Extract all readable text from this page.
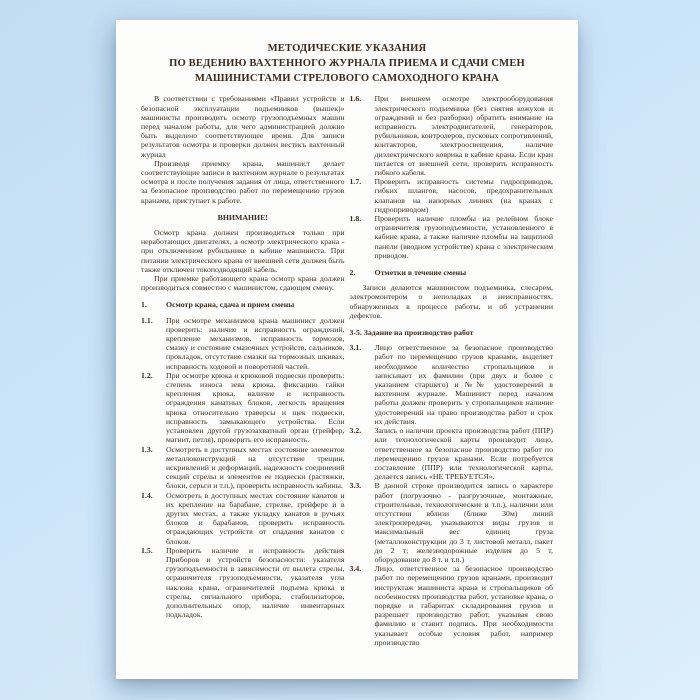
МЕТОДИЧЕСКИЕ УКАЗАНИЯ
ПО ВЕДЕНИЮ ВАХТЕННОГО ЖУРНАЛА ПРИЕМА И СДАЧИ СМЕН
МАШИНИСТАМИ СТРЕЛОВОГО САМОХОДНОГО КРАНА

В соответствии с требованиями «Правил устройств и безопасной эксплуатации подъемников (вышек)» машинисты производить осмотр грузоподъемных машин перед началом работы, для чего администрацией должно быть выделено соответствующее время. Для записи результатов осмотра и проверки должен вестись вахтенный журнал

Произведя приемку крана, машинист делает соответствующие записи в вахтенном журнале о результатах осмотра и после получения задания от лица, ответственного за безопасное производство работ по перемещению грузов кранами, приступает к работе.

ВНИМАНИЕ!

Осмотр крана должен производиться только при неработающих двигателях, а осмотр электрического крана - при отключенном рубильнике в кабине машиниста. При питании электрического крана от внешней сети должен быть также отключен токоподводящий кабель.

При приемке работающего крана осмотр крана должен производиться совместно с машинистом, сдающем смену.

1. Осмотр крана, сдача и прием смены
1.1. При осмотре механизмов крана машинист должен проверить: наличие и исправность ограждений, крепление механизмов, исправность тормозов, смазку и состояние смазочных устройств, сальников, прокладок, отсутствие смазки на тормозных шкивах, исправность ходовой и поворотной частей.
1.2. При осмотре крюка и крюковой подвески проверить: степень износа зева крюка, фиксацию гайки крепления крюка, наличие и исправность ограждения канатных блоков, легкость вращения крюка относительно траверсы и щек подвески, исправность замыкающего устройства. Если установлен другой грузозахватный орган (грейфер, магнит, петля), проверить его исправность.
1.3. Осмотреть в доступных местах состояние элементов металлоконструкций на отсутствие трещин, искривлений и деформаций, надежность соединений секций стрелы и элементов ее подвески (растяжки, блоки, серьги и т.п.), проверить исправность кабины.
1.4. Осмотреть в доступных местах состояние канатов и их крепление на барабане, стрелке, грейфере и в других местах, а также укладку канатов в ручьях блоков и барабанов, проверить исправность ограждающих устройств от спадания канатов с блоков.
1.5. Проверить наличие и исправность действия Приборов и устройств безопасности: указателя грузоподъемности в зависимости от вылета стрелы, ограничителя грузоподъемности, указателя угла наклона крана, ограничителей подъема крюка и стрелы, сигнального прибора, стабилизаторов, дополнительных опор, наличие инвентарных подкладок.
1.6. При внешнем осмотре электрооборудования электрического подъемника (без снятия кожухов и ограждений и без разборки) обратить внимание на исправность электродвигателей, генераторов, рубильников, контролеров, пусковых сопротивлений, контакторов, электроосвещения, наличие диэлектрического коврика в кабине крана. Если кран питается от внешней сети, проверить исправность гибкого кабеля.
1.7. Проверить исправность системы гидроприводов, гибких шлангов, насосов, предохранительных клапанов на напорных линиях (на кранах с гидроприводом)
1.8. Проверить наличие пломбы на релейном блоке ограничителя грузоподъемности, установленного в кабине крана, а также наличие пломбы на защитной панели (вводном устройстве) крана с электрическим приводом.
2. Отметки в течение смены

Записи делаются машинистом подъемника, слесарем, электромонтером о неполадках и неисправностях, обнаруженных в процессе работы, и об устранении дефектов.

3-5. Задание на производство работ
3.1. Лицо ответственное за безопасное производство работ по перемещению грузов кранами, выделяет необходимое количество стропальщиков и записывает их фамилии (при двух и более с указанием старшего) и №№ удостоверений в вахтенном журнале. Машинист перед началом работы должен проверить у стропальщиков наличие удостоверений на право производства работ и срок их действия.
3.2. Запись о наличии проекта производства работ (ППР) или технологической карты производит лицо, ответственное за безопасное производство работ по перемещению грузов кранами. Если потребуется составление (ППР) или технологической карты, делается запись «НЕ ТРЕБУЕТСЯ».
3.3. В данной строке производится запись о характере работ (погрузочно - разгрузочные, монтажные, строительные, технологические и т.п.), наличии или отсутствии вблизи (ближе 30м) линий электропередачи, указываются виды грузов и максимальный вес единиц груза (металлоконструкции до 3 т, листовой металл, пакет до 2 т; железнодорожные изделия до 5 т, оборудование до 8 т. и т.п.)
3.4. Лицо, ответственное за безопасное производство работ по перемещению грузов кранами, производит инструктаж машиниста крана и стропальщиков об особенностях производства работ, установке крана, о порядке и габаритах складирования грузов и разрешает производство работ, указывая свою фамилию и ставит подпись. При необходимости указывает особые условия работ, например производство
